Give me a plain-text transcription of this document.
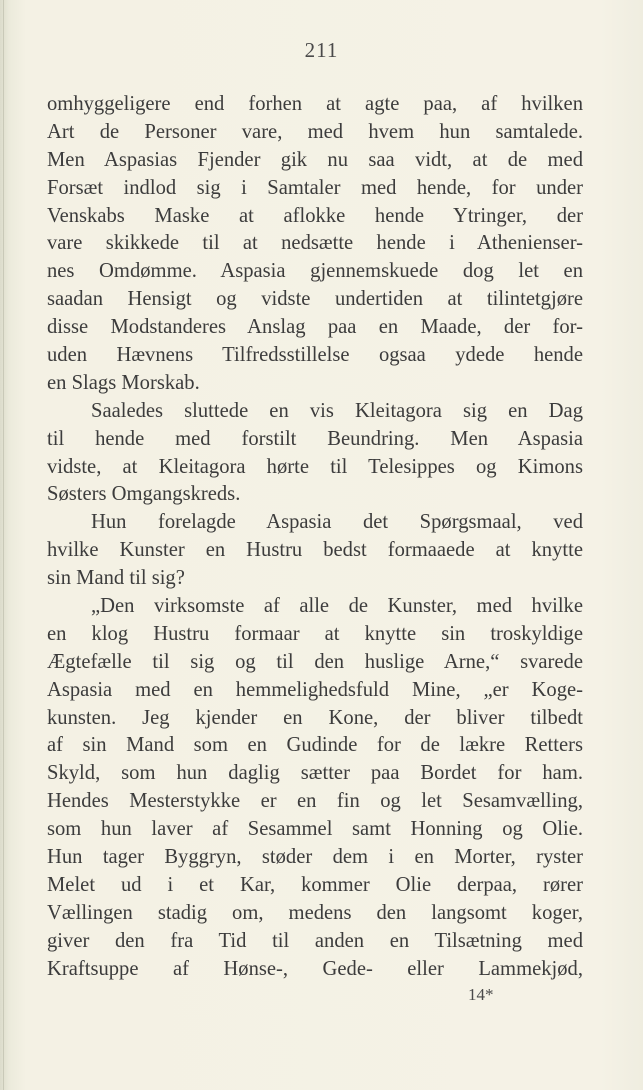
211
omhyggeligere end forhen at agte paa, af hvilken
Art de Personer vare, med hvem hun samtalede.
Men Aspasias Fjender gik nu saa vidt, at de med
Forsæt indlod sig i Samtaler med hende, for under
Venskabs Maske at aflokke hende Ytringer, der
vare skikkede til at nedsætte hende i Athenienser-
nes Omdømme. Aspasia gjennemskuede dog let en
saadan Hensigt og vidste undertiden at tilintetgjøre
disse Modstanderes Anslag paa en Maade, der for-
uden Hævnens Tilfredsstillelse ogsaa ydede hende
en Slags Morskab.
Saaledes sluttede en vis Kleitagora sig en Dag
til hende med forstilt Beundring. Men Aspasia
vidste, at Kleitagora hørte til Telesippes og Kimons
Søsters Omgangskreds.
Hun forelagde Aspasia det Spørgsmaal, ved
hvilke Kunster en Hustru bedst formaaede at knytte
sin Mand til sig?
„Den virksomste af alle de Kunster, med hvilke
en klog Hustru formaar at knytte sin troskyldige
Ægtefælle til sig og til den huslige Arne,“ svarede
Aspasia med en hemmelighedsfuld Mine, „er Koge-
kunsten. Jeg kjender en Kone, der bliver tilbedt
af sin Mand som en Gudinde for de lækre Retters
Skyld, som hun daglig sætter paa Bordet for ham.
Hendes Mesterstykke er en fin og let Sesamvælling,
som hun laver af Sesammel samt Honning og Olie.
Hun tager Byggryn, støder dem i en Morter, ryster
Melet ud i et Kar, kommer Olie derpaa, rører
Vællingen stadig om, medens den langsomt koger,
giver den fra Tid til anden en Tilsætning med
Kraftsuppe af Hønse-, Gede- eller Lammekjød,
14*
